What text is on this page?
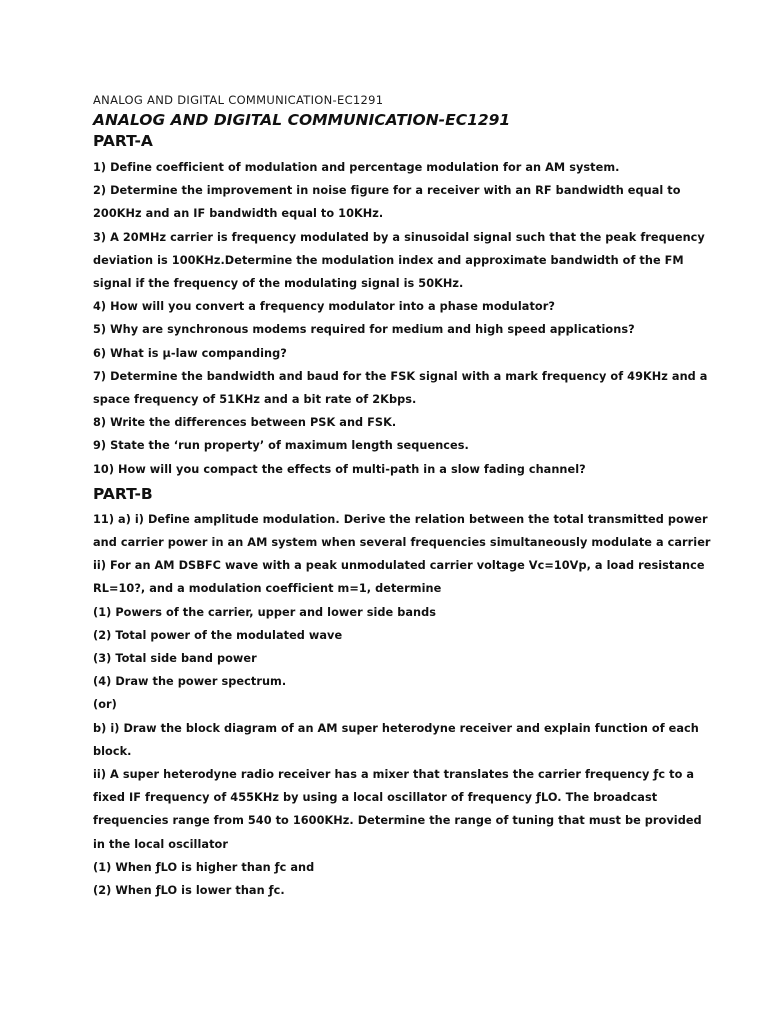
ANALOG AND DIGITAL COMMUNICATION-EC1291
ANALOG AND DIGITAL COMMUNICATION-EC1291
PART-A
1) Define coefficient of modulation and percentage modulation for an AM system.
2) Determine the improvement in noise figure for a receiver with an RF bandwidth equal to
200KHz and an IF bandwidth equal to 10KHz.
3) A 20MHz carrier is frequency modulated by a sinusoidal signal such that the peak frequency
deviation is 100KHz.Determine the modulation index and approximate bandwidth of the FM
signal if the frequency of the modulating signal is 50KHz.
4) How will you convert a frequency modulator into a phase modulator?
5) Why are synchronous modems required for medium and high speed applications?
6) What is µ-law companding?
7) Determine the bandwidth and baud for the FSK signal with a mark frequency of 49KHz and a
space frequency of 51KHz and a bit rate of 2Kbps.
8) Write the differences between PSK and FSK.
9) State the ‘run property’ of maximum length sequences.
10) How will you compact the effects of multi-path in a slow fading channel?
PART-B
11) a) i) Define amplitude modulation. Derive the relation between the total transmitted power
and carrier power in an AM system when several frequencies simultaneously modulate a carrier
ii) For an AM DSBFC wave with a peak unmodulated carrier voltage Vc=10Vp, a load resistance
RL=10?, and a modulation coefficient m=1, determine
(1) Powers of the carrier, upper and lower side bands
(2) Total power of the modulated wave
(3) Total side band power
(4) Draw the power spectrum.
(or)
b) i) Draw the block diagram of an AM super heterodyne receiver and explain function of each
block.
ii) A super heterodyne radio receiver has a mixer that translates the carrier frequency ƒc to a
fixed IF frequency of 455KHz by using a local oscillator of frequency ƒLO. The broadcast
frequencies range from 540 to 1600KHz. Determine the range of tuning that must be provided
in the local oscillator
(1) When ƒLO is higher than ƒc and
(2) When ƒLO is lower than ƒc.
